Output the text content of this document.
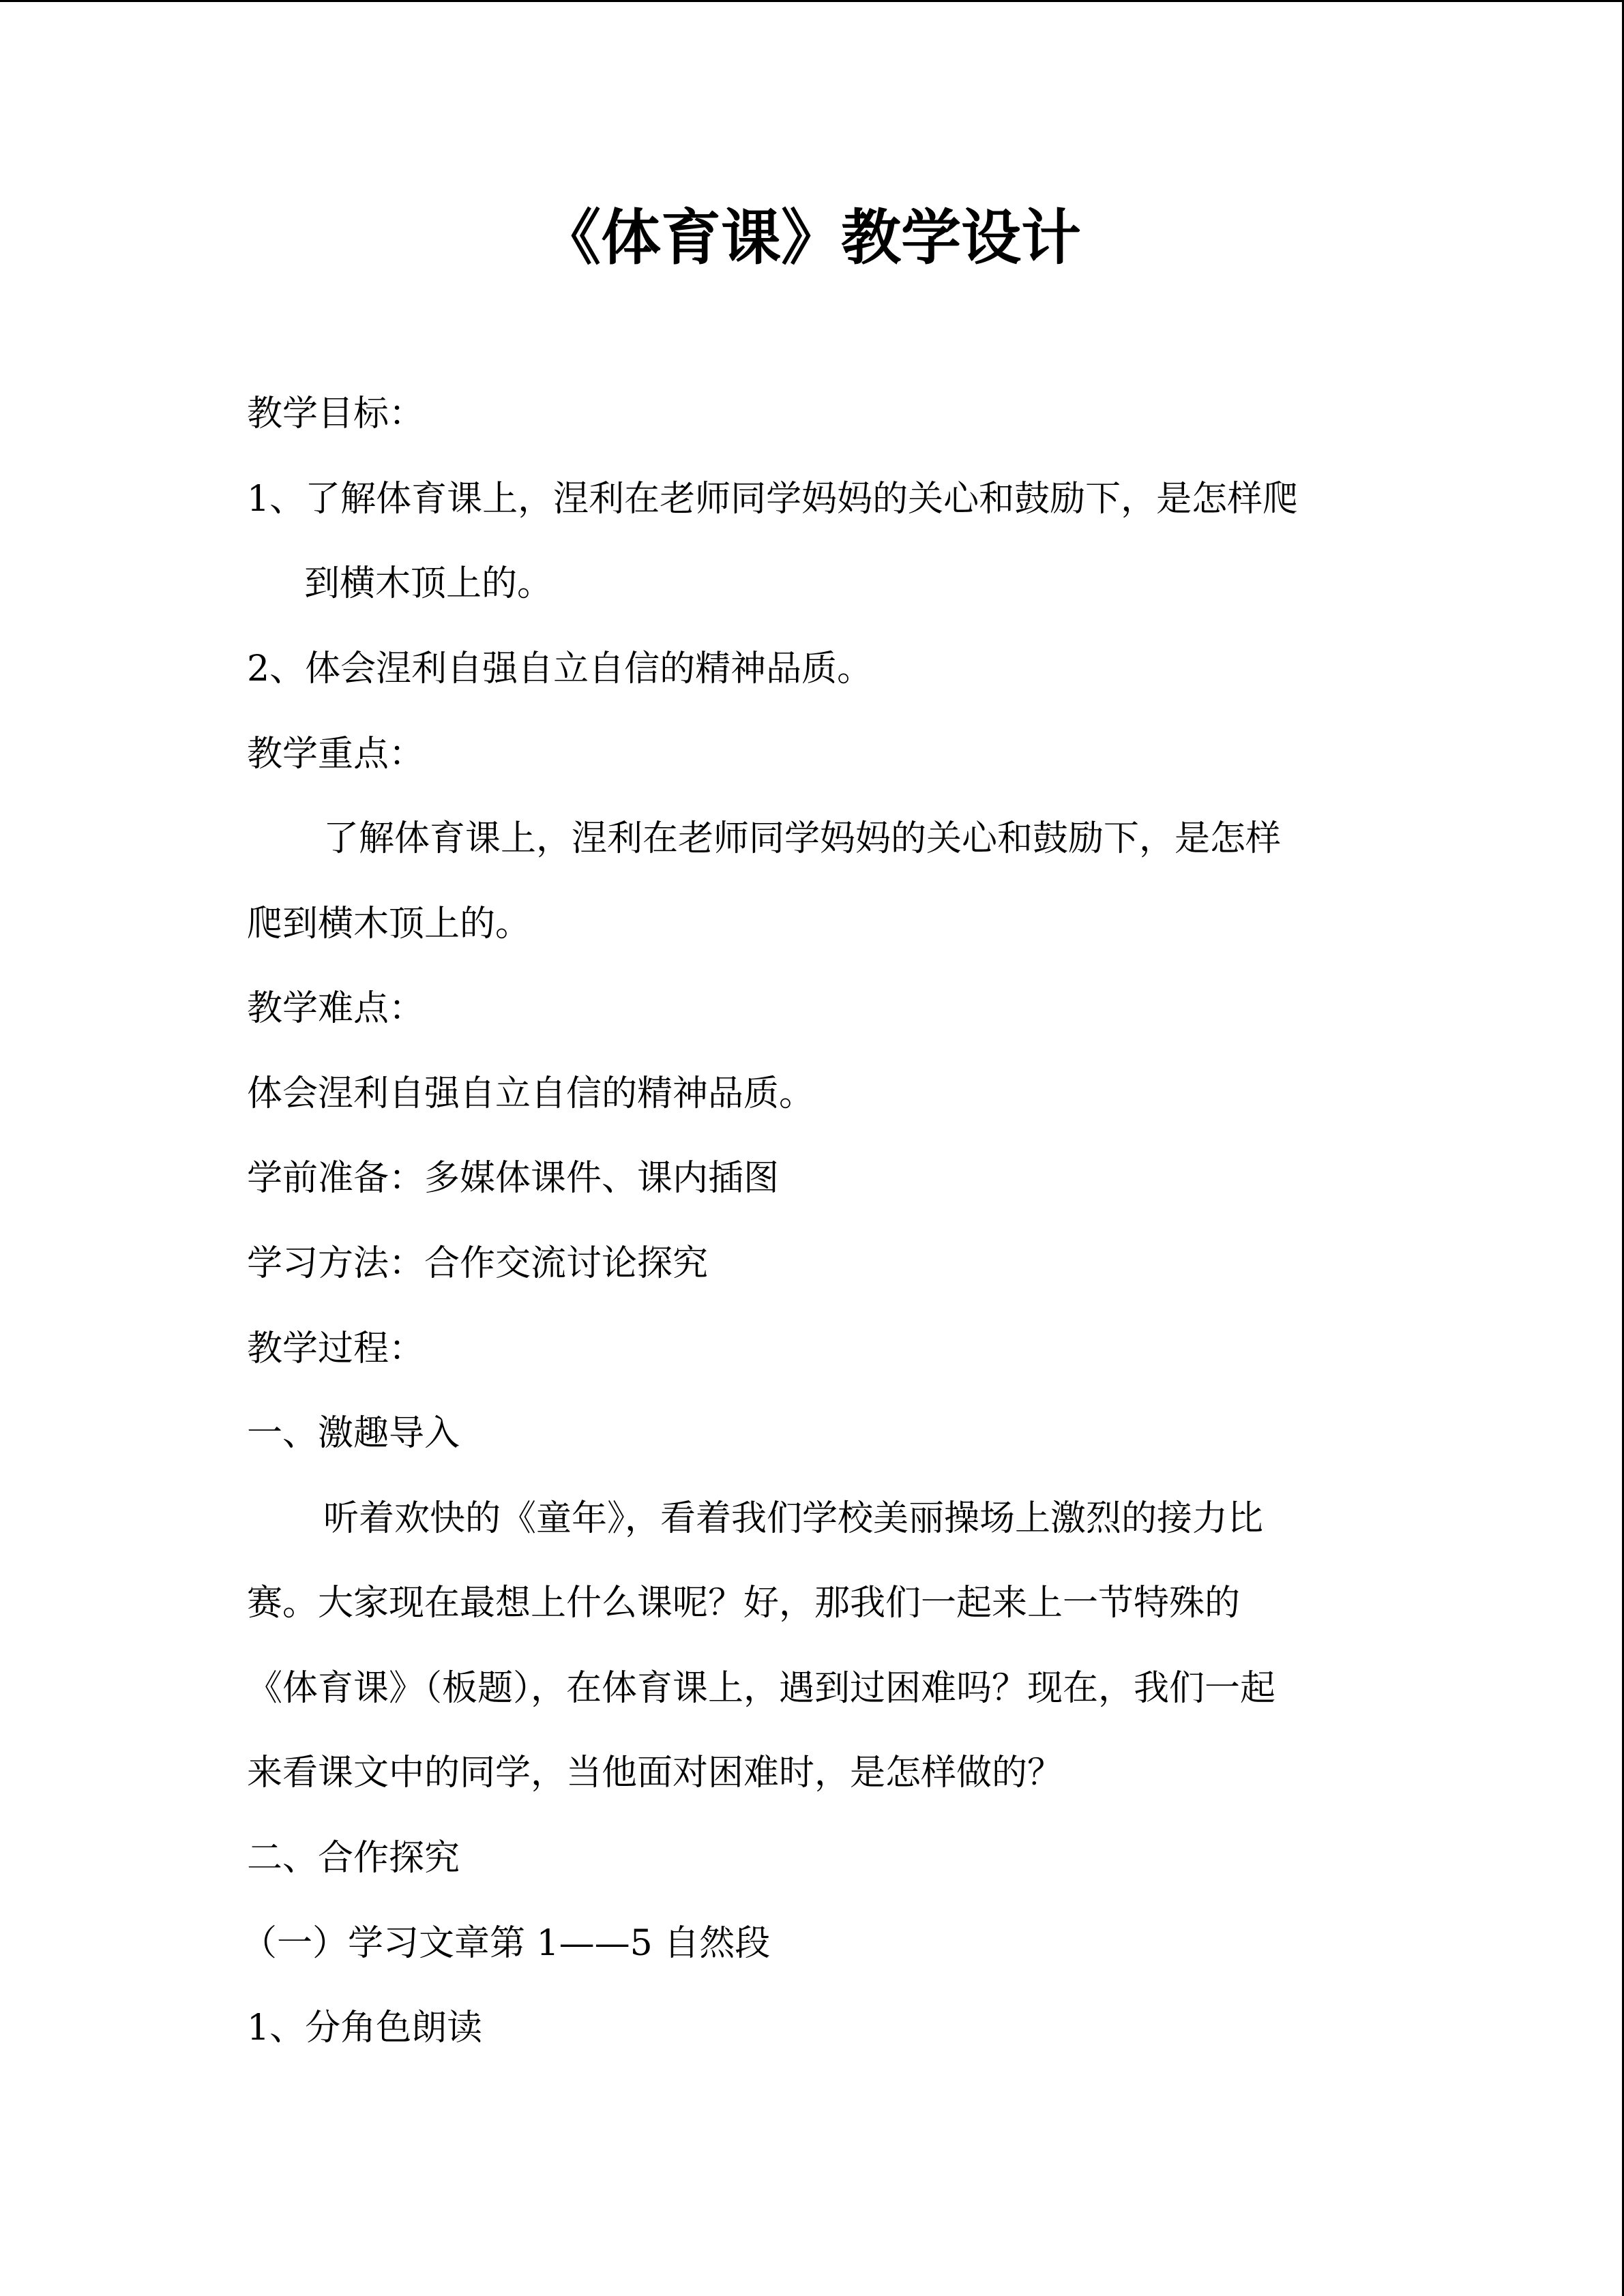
《体育课》教学设计
教学目标：
1、了解体育课上，涅利在老师同学妈妈的关心和鼓励下，是怎样爬
到横木顶上的。
2、体会涅利自强自立自信的精神品质。
教学重点：
了解体育课上，涅利在老师同学妈妈的关心和鼓励下，是怎样
爬到横木顶上的。
教学难点：
体会涅利自强自立自信的精神品质。
学前准备：多媒体课件、课内插图
学习方法：合作交流讨论探究
教学过程：
一、激趣导入
听着欢快的《童年》，看着我们学校美丽操场上激烈的接力比
赛。大家现在最想上什么课呢？好，那我们一起来上一节特殊的
《体育课》（板题），在体育课上，遇到过困难吗？现在，我们一起
来看课文中的同学，当他面对困难时，是怎样做的？
二、合作探究
（一）学习文章第 1——5 自然段
1、分角色朗读
